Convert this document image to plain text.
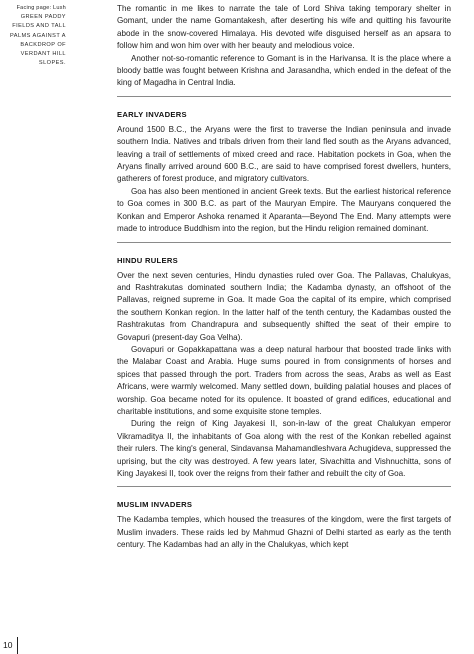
Facing page: Lush GREEN PADDY FIELDS AND TALL PALMS AGAINST A BACKDROP OF VERDANT HILL SLOPES.

The romantic in me likes to narrate the tale of Lord Shiva taking temporary shelter in Gomant, under the name Gomantakesh, after deserting his wife and quitting his favourite abode in the snow-covered Himalaya. His devoted wife disguised herself as an apsara to follow him and won him over with her beauty and melodious voice.

Another not-so-romantic reference to Gomant is in the Harivansa. It is the place where a bloody battle was fought between Krishna and Jarasandha, which ended in the defeat of the king of Magadha in Central India.

EARLY INVADERS

Around 1500 B.C., the Aryans were the first to traverse the Indian peninsula and invade southern India. Natives and tribals driven from their land fled south as the Aryans advanced, leaving a trail of settlements of mixed creed and race. Habitation pockets in Goa, when the Aryans finally arrived around 600 B.C., are said to have comprised forest dwellers, hunters, gatherers of forest produce, and migratory cultivators.

Goa has also been mentioned in ancient Greek texts. But the earliest historical reference to Goa comes in 300 B.C. as part of the Mauryan Empire. The Mauryans conquered the Konkan and Emperor Ashoka renamed it Aparanta—Beyond The End. Many attempts were made to introduce Buddhism into the region, but the Hindu religion remained dominant.

HINDU RULERS

Over the next seven centuries, Hindu dynasties ruled over Goa. The Pallavas, Chalukyas, and Rashtrakutas dominated southern India; the Kadamba dynasty, an offshoot of the Pallavas, reigned supreme in Goa. It made Goa the capital of its empire, which comprised the southern Konkan region. In the latter half of the tenth century, the Kadambas ousted the Rashtrakutas from Chandrapura and subsequently shifted the seat of their empire to Govapuri (present-day Goa Velha).

Govapuri or Gopakkapattana was a deep natural harbour that boosted trade links with the Malabar Coast and Arabia. Huge sums poured in from consignments of horses and spices that passed through the port. Traders from across the seas, Arabs as well as East Africans, were warmly welcomed. Many settled down, building palatial houses and places of worship. Goa became noted for its opulence. It boasted of grand edifices, educational and charitable institutions, and some exquisite stone temples.

During the reign of King Jayakesi II, son-in-law of the great Chalukyan emperor Vikramaditya II, the inhabitants of Goa along with the rest of the Konkan rebelled against their rulers. The king's general, Sindavansa Mahamandleshvara Achugideva, suppressed the uprising, but the city was destroyed. A few years later, Sivachitta and Vishnuchitta, sons of King Jayakesi II, took over the reigns from their father and rebuilt the city of Goa.

MUSLIM INVADERS

The Kadamba temples, which housed the treasures of the kingdom, were the first targets of Muslim invaders. These raids led by Mahmud Ghazni of Delhi started as early as the tenth century. The Kadambas had an ally in the Chalukyas, which kept

10
